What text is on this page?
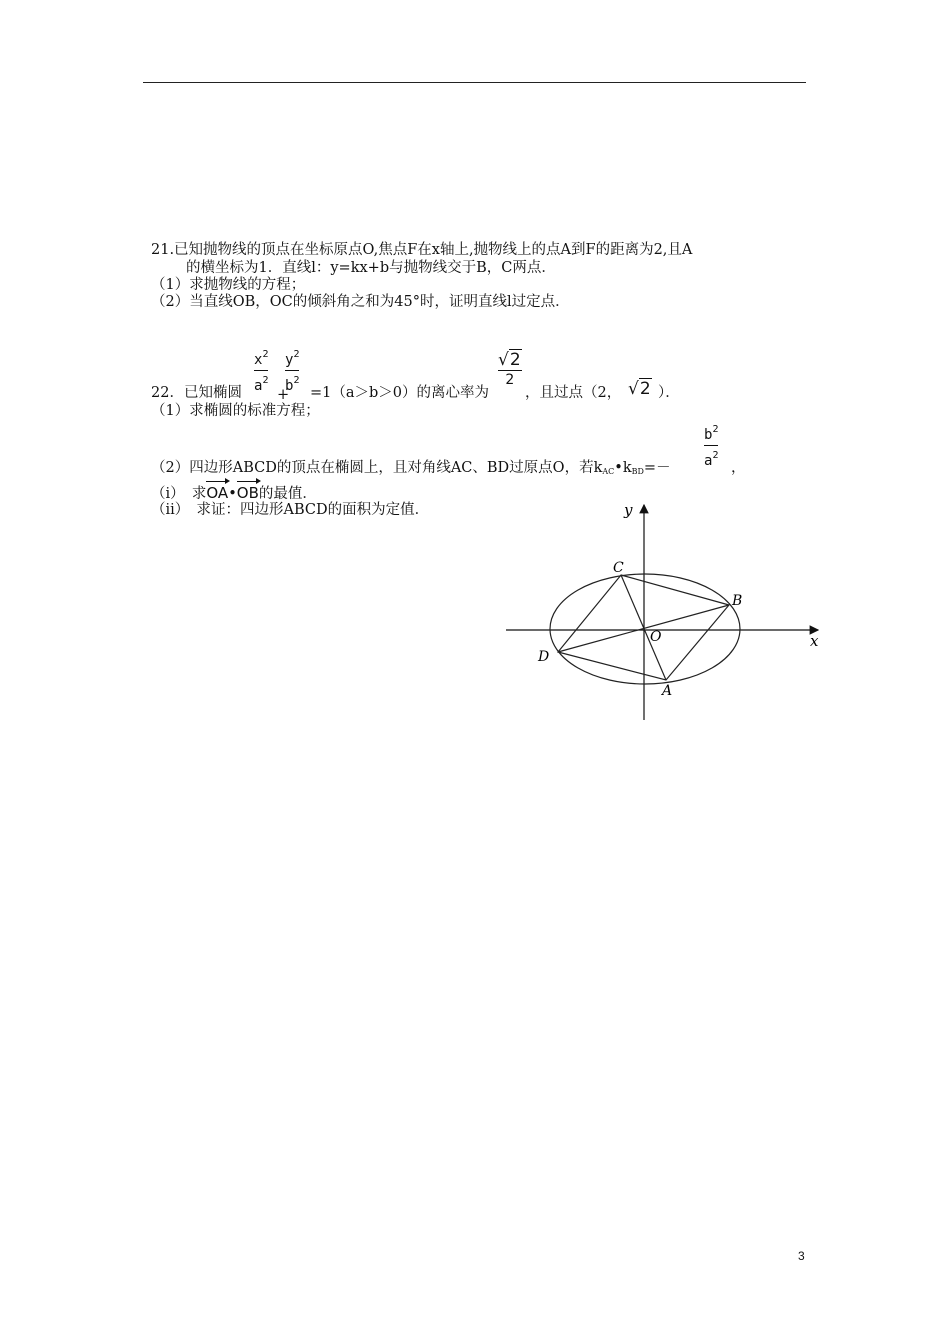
21.已知抛物线的顶点在坐标原点O,焦点F在x轴上,抛物线上的点A到F的距离为2,且A
的横坐标为1．直线l：y=kx+b与抛物线交于B，C两点．
（1）求抛物线的方程；
（2）当直线OB，OC的倾斜角之和为45°时，证明直线l过定点．
22．已知椭圆
$x^2$
$a^2$
+
$y^2$
$b^2$
=1（a＞b＞0）的离心率为
√2
2
，且过点（2， √2 ）．
（1）求椭圆的标准方程；
（2）四边形ABCD的顶点在椭圆上，且对角线AC、BD过原点O，若$k_{AC}•k_{BD}=-$
$b^2$
$a^2$
，
（i）　求OA•OB的最值．
（ii）　求证：四边形ABCD的面积为定值．	y
x
O
A
B
C
D
3
